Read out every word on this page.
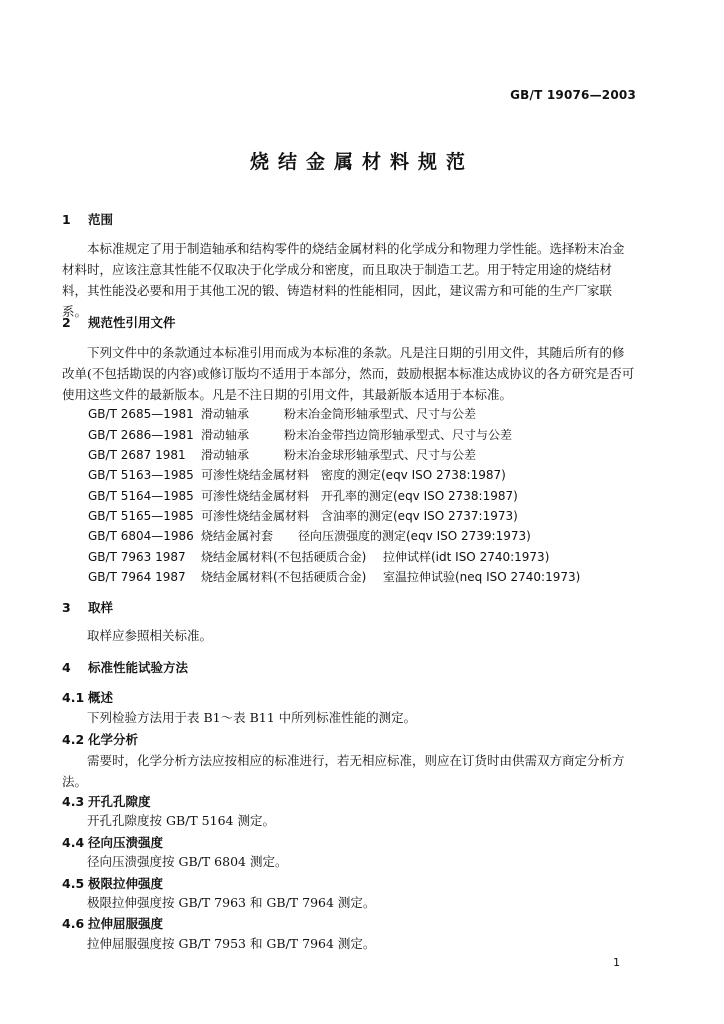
GB/T 19076—2003
烧结金属材料规范
1 范围
本标准规定了用于制造轴承和结构零件的烧结金属材料的化学成分和物理力学性能。选择粉末冶金材料时，应该注意其性能不仅取决于化学成分和密度，而且取决于制造工艺。用于特定用途的烧结材料，其性能没必要和用于其他工况的锻、铸造材料的性能相同，因此，建议需方和可能的生产厂家联系。
2 规范性引用文件
下列文件中的条款通过本标准引用而成为本标准的条款。凡是注日期的引用文件，其随后所有的修改单(不包括勘误的内容)或修订版均不适用于本部分，然而，鼓励根据本标准达成协议的各方研究是否可使用这些文件的最新版本。凡是不注日期的引用文件，其最新版本适用于本标准。
GB/T 2685—1981 滑动轴承	粉末冶金筒形轴承型式、尺寸与公差
GB/T 2686—1981 滑动轴承	粉末冶金带挡边筒形轴承型式、尺寸与公差
GB/T 2687 1981 滑动轴承	粉末冶金球形轴承型式、尺寸与公差
GB/T 5163—1985 可渗性烧结金属材料 密度的测定(eqv ISO 2738:1987)
GB/T 5164—1985 可渗性烧结金属材料 开孔率的测定(eqv ISO 2738:1987)
GB/T 5165—1985 可渗性烧结金属材料 含油率的测定(eqv ISO 2737:1973)
GB/T 6804—1986 烧结金属衬套 径向压溃强度的测定(eqv ISO 2739:1973)
GB/T 7963 1987 烧结金属材料(不包括硬质合金) 拉伸试样(idt ISO 2740:1973)
GB/T 7964 1987 烧结金属材料(不包括硬质合金) 室温拉伸试验(neq ISO 2740:1973)
3 取样
取样应参照相关标准。
4 标准性能试验方法
4.1 概述
下列检验方法用于表 B1～表 B11 中所列标准性能的测定。
4.2 化学分析
需要时，化学分析方法应按相应的标准进行，若无相应标准，则应在订货时由供需双方商定分析方法。
4.3 开孔孔隙度
开孔孔隙度按 GB/T 5164 测定。
4.4 径向压溃强度
径向压溃强度按 GB/T 6804 测定。
4.5 极限拉伸强度
极限拉伸强度按 GB/T 7963 和 GB/T 7964 测定。
4.6 拉伸屈服强度
拉伸屈服强度按 GB/T 7953 和 GB/T 7964 测定。
1
